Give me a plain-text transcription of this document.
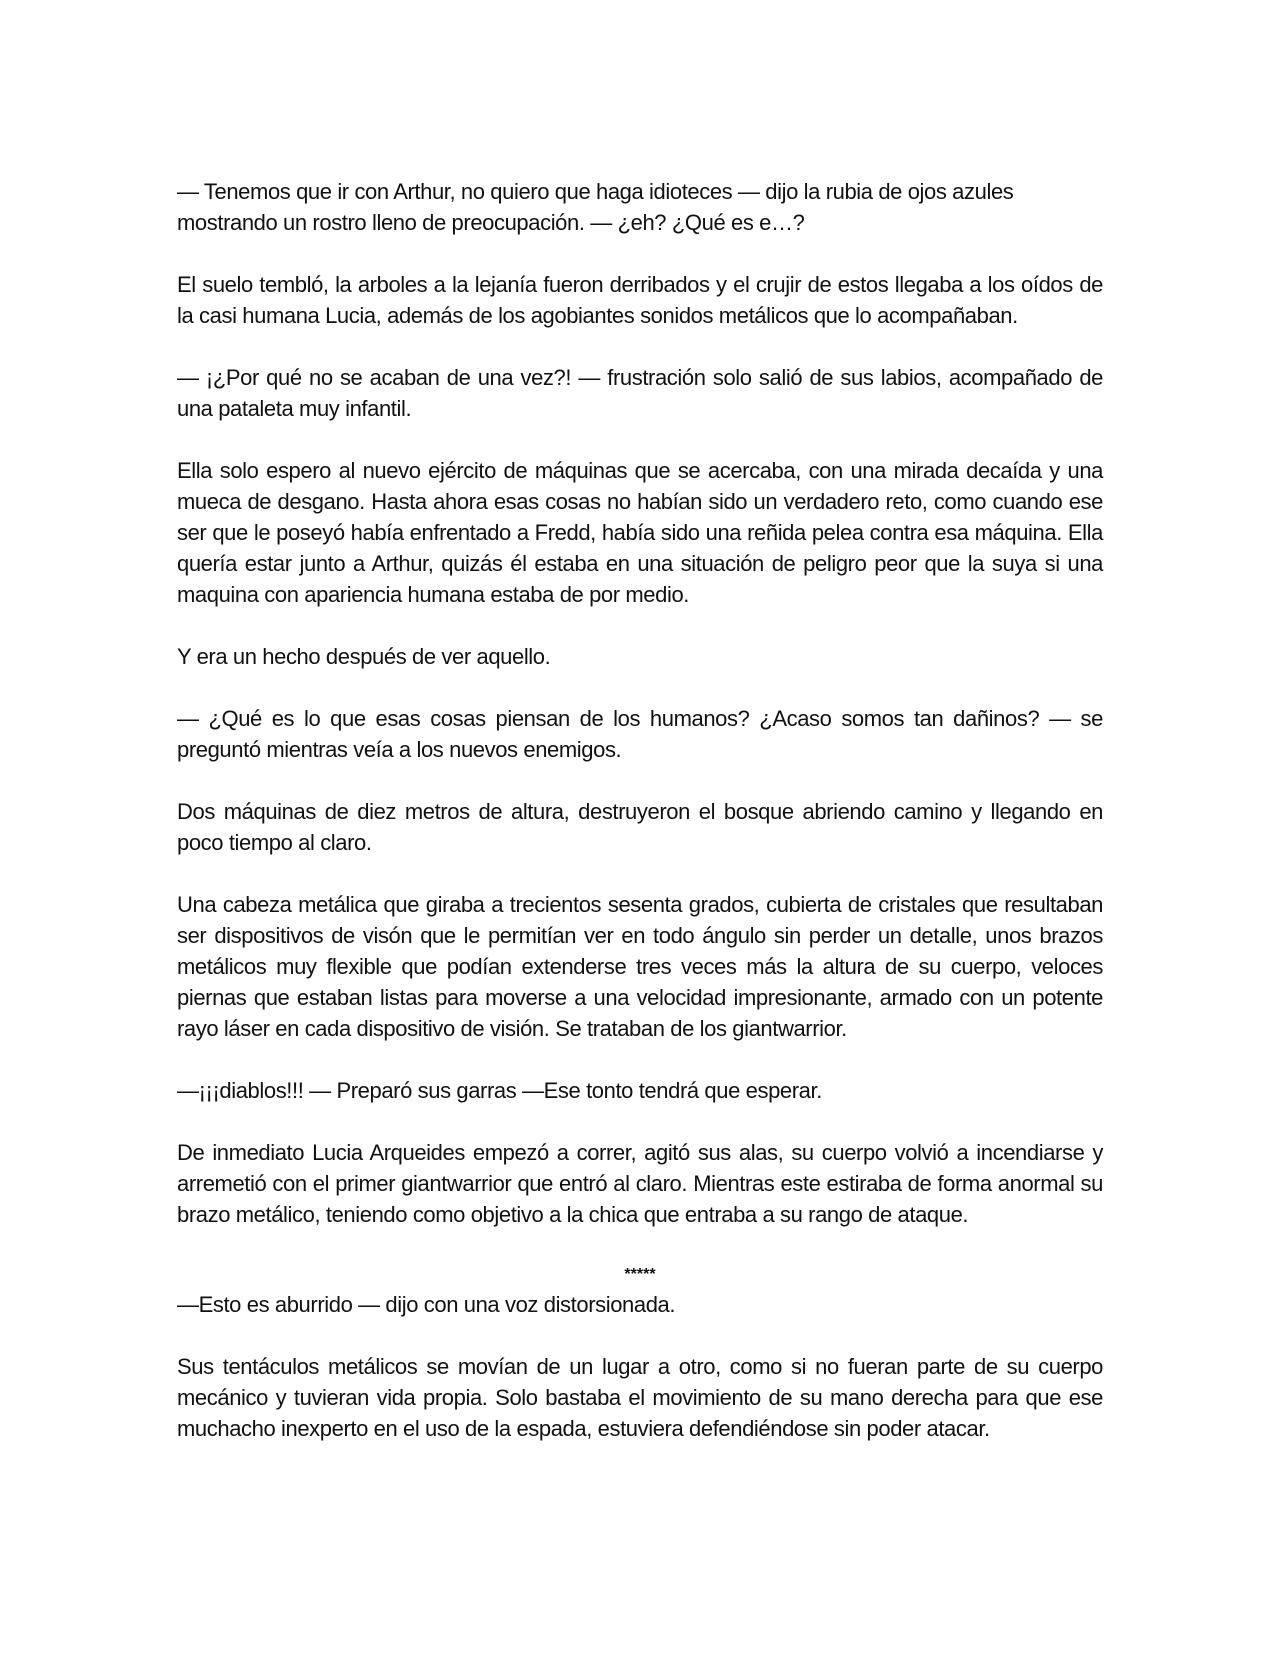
— Tenemos que ir con Arthur, no quiero que haga idioteces — dijo la rubia de ojos azules mostrando un rostro lleno de preocupación. — ¿eh? ¿Qué es e…?

El suelo tembló, la arboles a la lejanía fueron derribados y el crujir de estos llegaba a los oídos de la casi humana Lucia, además de los agobiantes sonidos metálicos que lo acompañaban.

— ¡¿Por qué no se acaban de una vez?! — frustración solo salió de sus labios, acompañado de una pataleta muy infantil.

Ella solo espero al nuevo ejército de máquinas que se acercaba, con una mirada decaída y una mueca de desgano. Hasta ahora esas cosas no habían sido un verdadero reto, como cuando ese ser que le poseyó había enfrentado a Fredd, había sido una reñida pelea contra esa máquina. Ella quería estar junto a Arthur, quizás él estaba en una situación de peligro peor que la suya si una maquina con apariencia humana estaba de por medio.

Y era un hecho después de ver aquello.

— ¿Qué es lo que esas cosas piensan de los humanos? ¿Acaso somos tan dañinos? — se preguntó mientras veía a los nuevos enemigos.

Dos máquinas de diez metros de altura, destruyeron el bosque abriendo camino y llegando en poco tiempo al claro.

Una cabeza metálica que giraba a trecientos sesenta grados, cubierta de cristales que resultaban ser dispositivos de visón que le permitían ver en todo ángulo sin perder un detalle, unos brazos metálicos muy flexible que podían extenderse tres veces más la altura de su cuerpo, veloces piernas que estaban listas para moverse a una velocidad impresionante, armado con un potente rayo láser en cada dispositivo de visión. Se trataban de los giantwarrior.

—¡¡¡diablos!!! — Preparó sus garras —Ese tonto tendrá que esperar.

De inmediato Lucia Arqueides empezó a correr, agitó sus alas, su cuerpo volvió a incendiarse y arremetió con el primer giantwarrior que entró al claro. Mientras este estiraba de forma anormal su brazo metálico, teniendo como objetivo a la chica que entraba a su rango de ataque.

*****

—Esto es aburrido — dijo con una voz distorsionada.

Sus tentáculos metálicos se movían de un lugar a otro, como si no fueran parte de su cuerpo mecánico y tuvieran vida propia. Solo bastaba el movimiento de su mano derecha para que ese muchacho inexperto en el uso de la espada, estuviera defendiéndose sin poder atacar.
